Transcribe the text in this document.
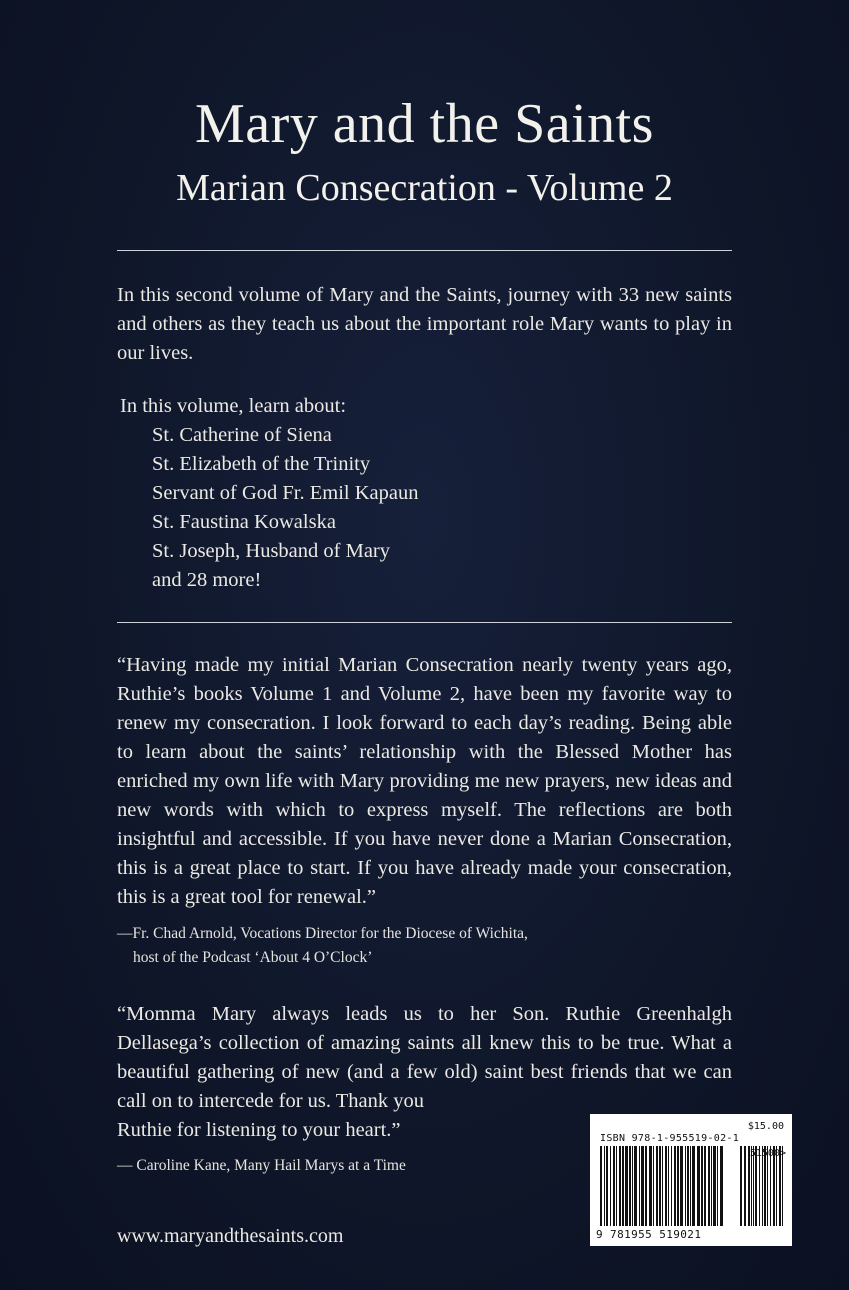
Mary and the Saints
Marian Consecration - Volume 2
In this second volume of Mary and the Saints, journey with 33 new saints and others as they teach us about the important role Mary wants to play in our lives.
In this volume, learn about:
St. Catherine of Siena
St. Elizabeth of the Trinity
Servant of God Fr. Emil Kapaun
St. Faustina Kowalska
St. Joseph, Husband of Mary
and 28 more!
“Having made my initial Marian Consecration nearly twenty years ago, Ruthie’s books Volume 1 and Volume 2, have been my favorite way to renew my consecration. I look forward to each day’s reading. Being able to learn about the saints’ relationship with the Blessed Mother has enriched my own life with Mary providing me new prayers, new ideas and new words with which to express myself. The reflections are both insightful and accessible. If you have never done a Marian Consecration, this is a great place to start. If you have already made your consecration, this is a great tool for renewal.”
—Fr. Chad Arnold, Vocations Director for the Diocese of Wichita,
host of the Podcast ‘About 4 O’Clock’
“Momma Mary always leads us to her Son. Ruthie Greenhalgh Dellasega’s collection of amazing saints all knew this to be true. What a beautiful gathering of new (and a few old) saint best friends that we can call on to intercede for us. Thank you
Ruthie for listening to your heart.”
— Caroline Kane, Many Hail Marys at a Time
www.maryandthesaints.com
$15.00
ISBN 978-1-955519-02-1
51500>
9 781955 519021
